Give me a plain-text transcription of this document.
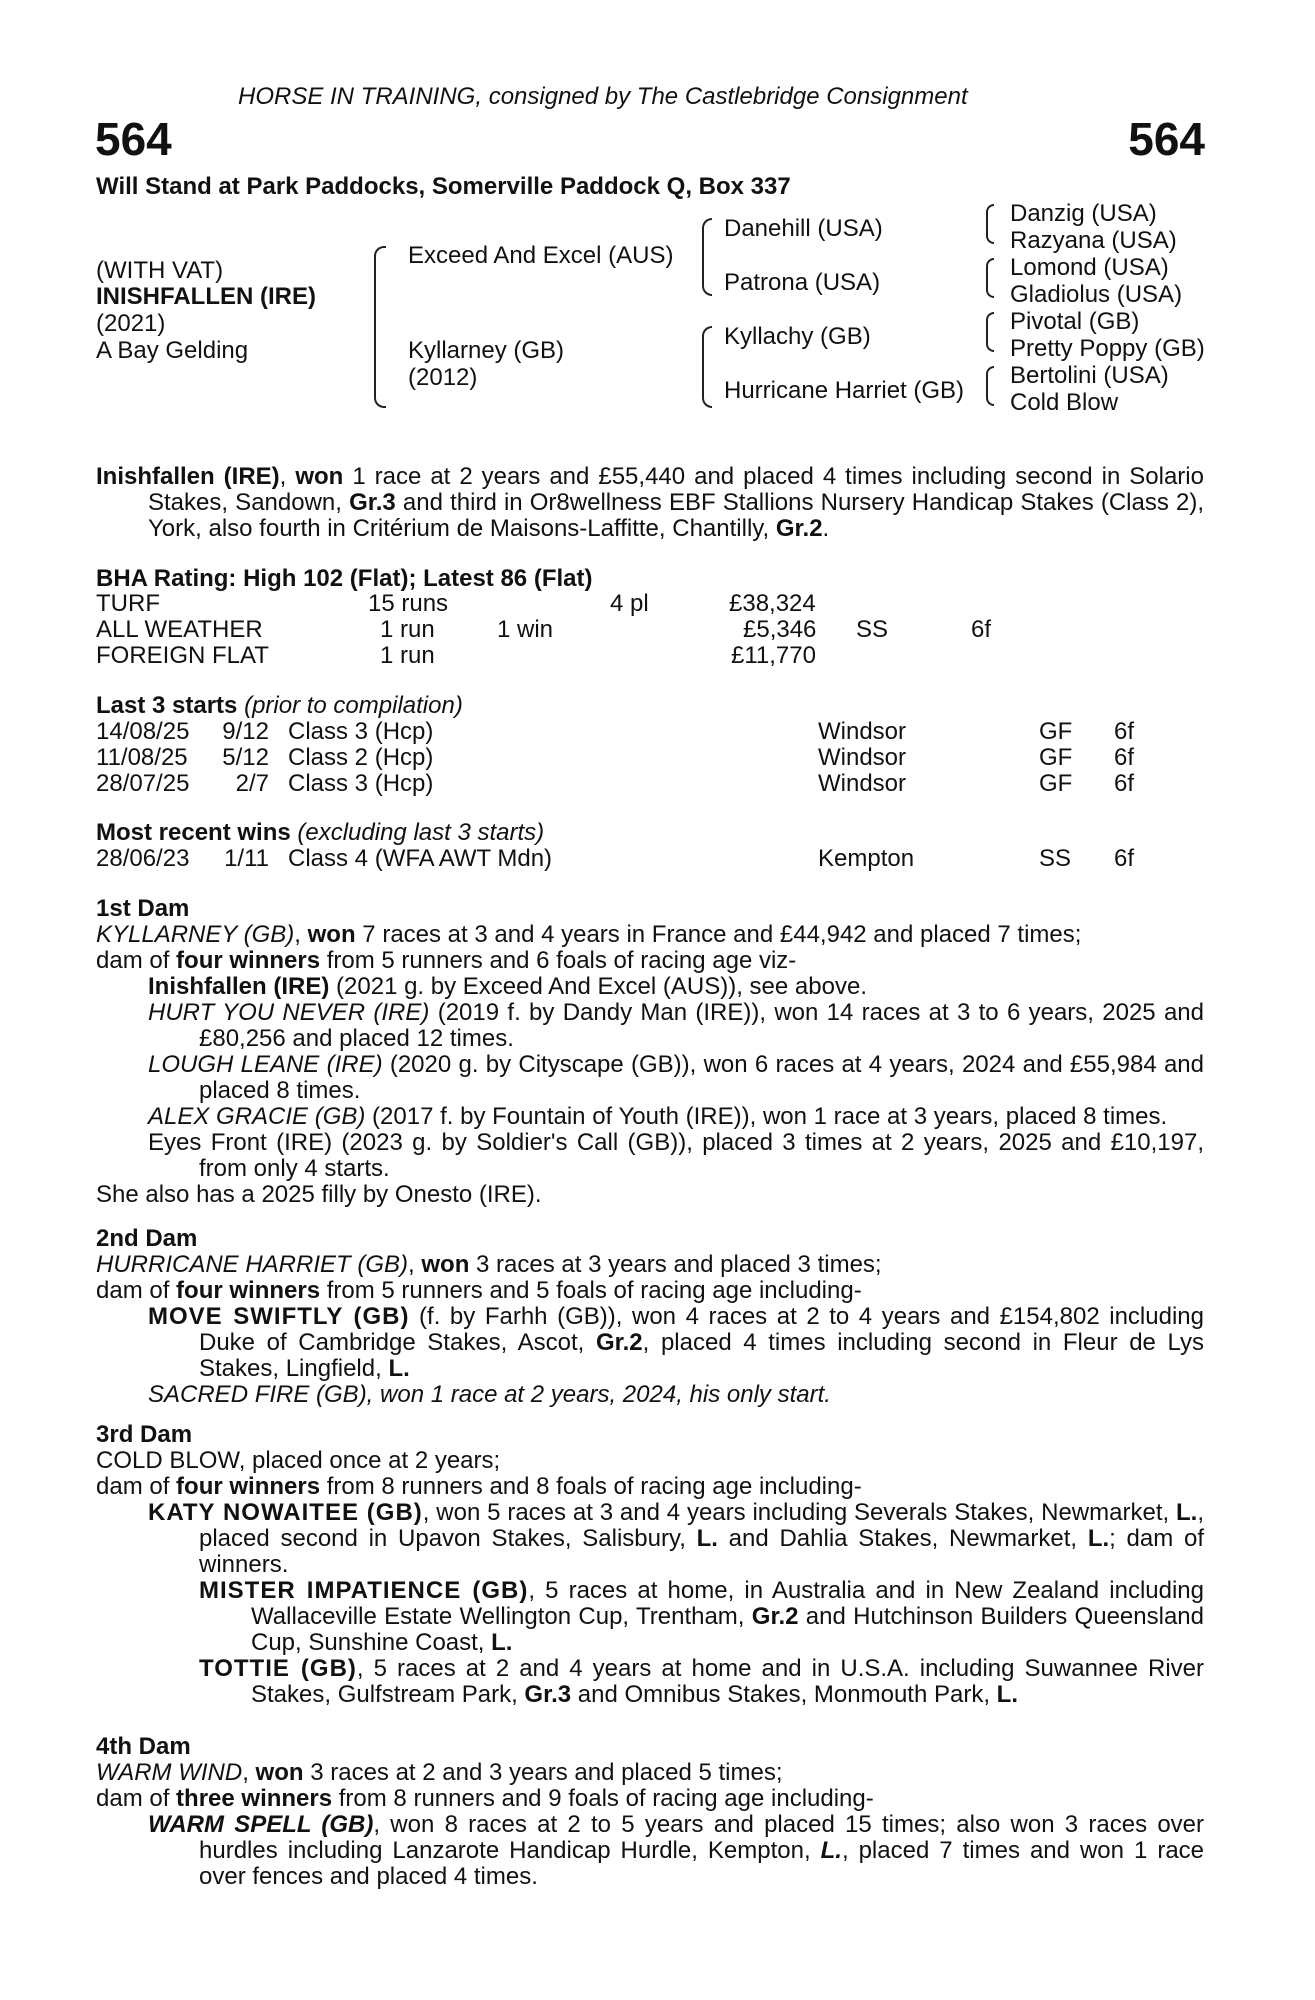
HORSE IN TRAINING, consigned by The Castlebridge Consignment
564	564
Will Stand at Park Paddocks, Somerville Paddock Q, Box 337
(WITH VAT)
INISHFALLEN (IRE)
(2021)
A Bay Gelding
Exceed And Excel (AUS)
Kyllarney (GB)
(2012)
Danehill (USA)
Patrona (USA)
Kyllachy (GB)
Hurricane Harriet (GB)
Danzig (USA)
Razyana (USA)
Lomond (USA)
Gladiolus (USA)
Pivotal (GB)
Pretty Poppy (GB)
Bertolini (USA)
Cold Blow
Inishfallen (IRE), won 1 race at 2 years and £55,440 and placed 4 times including second in Solario Stakes, Sandown, Gr.3 and third in Or8wellness EBF Stallions Nursery Handicap Stakes (Class 2), York, also fourth in Critérium de Maisons-Laffitte, Chantilly, Gr.2.
BHA Rating: High 102 (Flat); Latest 86 (Flat)
TURF	15 runs	4 pl	£38,324
ALL WEATHER	1 run	1 win	£5,346 SS	6f
FOREIGN FLAT	1 run	£11,770
Last 3 starts (prior to compilation)
14/08/25	9/12 Class 3 (Hcp)	Windsor	GF 6f
11/08/25	5/12 Class 2 (Hcp)	Windsor	GF 6f
28/07/25	2/7 Class 3 (Hcp)	Windsor	GF 6f
Most recent wins (excluding last 3 starts)
28/06/23	1/11 Class 4 (WFA AWT Mdn)	Kempton	SS 6f

1st Dam

KYLLARNEY (GB), won 7 races at 3 and 4 years in France and £44,942 and placed 7 times;

dam of four winners from 5 runners and 6 foals of racing age viz-

Inishfallen (IRE) (2021 g. by Exceed And Excel (AUS)), see above.

HURT YOU NEVER (IRE) (2019 f. by Dandy Man (IRE)), won 14 races at 3 to 6 years, 2025 and £80,256 and placed 12 times.

LOUGH LEANE (IRE) (2020 g. by Cityscape (GB)), won 6 races at 4 years, 2024 and £55,984 and placed 8 times.

ALEX GRACIE (GB) (2017 f. by Fountain of Youth (IRE)), won 1 race at 3 years, placed 8 times.

Eyes Front (IRE) (2023 g. by Soldier's Call (GB)), placed 3 times at 2 years, 2025 and £10,197, from only 4 starts.

She also has a 2025 filly by Onesto (IRE).

2nd Dam

HURRICANE HARRIET (GB), won 3 races at 3 years and placed 3 times;

dam of four winners from 5 runners and 5 foals of racing age including-

MOVE SWIFTLY (GB) (f. by Farhh (GB)), won 4 races at 2 to 4 years and £154,802 including Duke of Cambridge Stakes, Ascot, Gr.2, placed 4 times including second in Fleur de Lys Stakes, Lingfield, L.

SACRED FIRE (GB), won 1 race at 2 years, 2024, his only start.

3rd Dam

COLD BLOW, placed once at 2 years;

dam of four winners from 8 runners and 8 foals of racing age including-

KATY NOWAITEE (GB), won 5 races at 3 and 4 years including Severals Stakes, Newmarket, L., placed second in Upavon Stakes, Salisbury, L. and Dahlia Stakes, Newmarket, L.; dam of winners.

MISTER IMPATIENCE (GB), 5 races at home, in Australia and in New Zealand including Wallaceville Estate Wellington Cup, Trentham, Gr.2 and Hutchinson Builders Queensland Cup, Sunshine Coast, L.

TOTTIE (GB), 5 races at 2 and 4 years at home and in U.S.A. including Suwannee River Stakes, Gulfstream Park, Gr.3 and Omnibus Stakes, Monmouth Park, L.

4th Dam

WARM WIND, won 3 races at 2 and 3 years and placed 5 times;

dam of three winners from 8 runners and 9 foals of racing age including-

WARM SPELL (GB), won 8 races at 2 to 5 years and placed 15 times; also won 3 races over hurdles including Lanzarote Handicap Hurdle, Kempton, L., placed 7 times and won 1 race over fences and placed 4 times.
